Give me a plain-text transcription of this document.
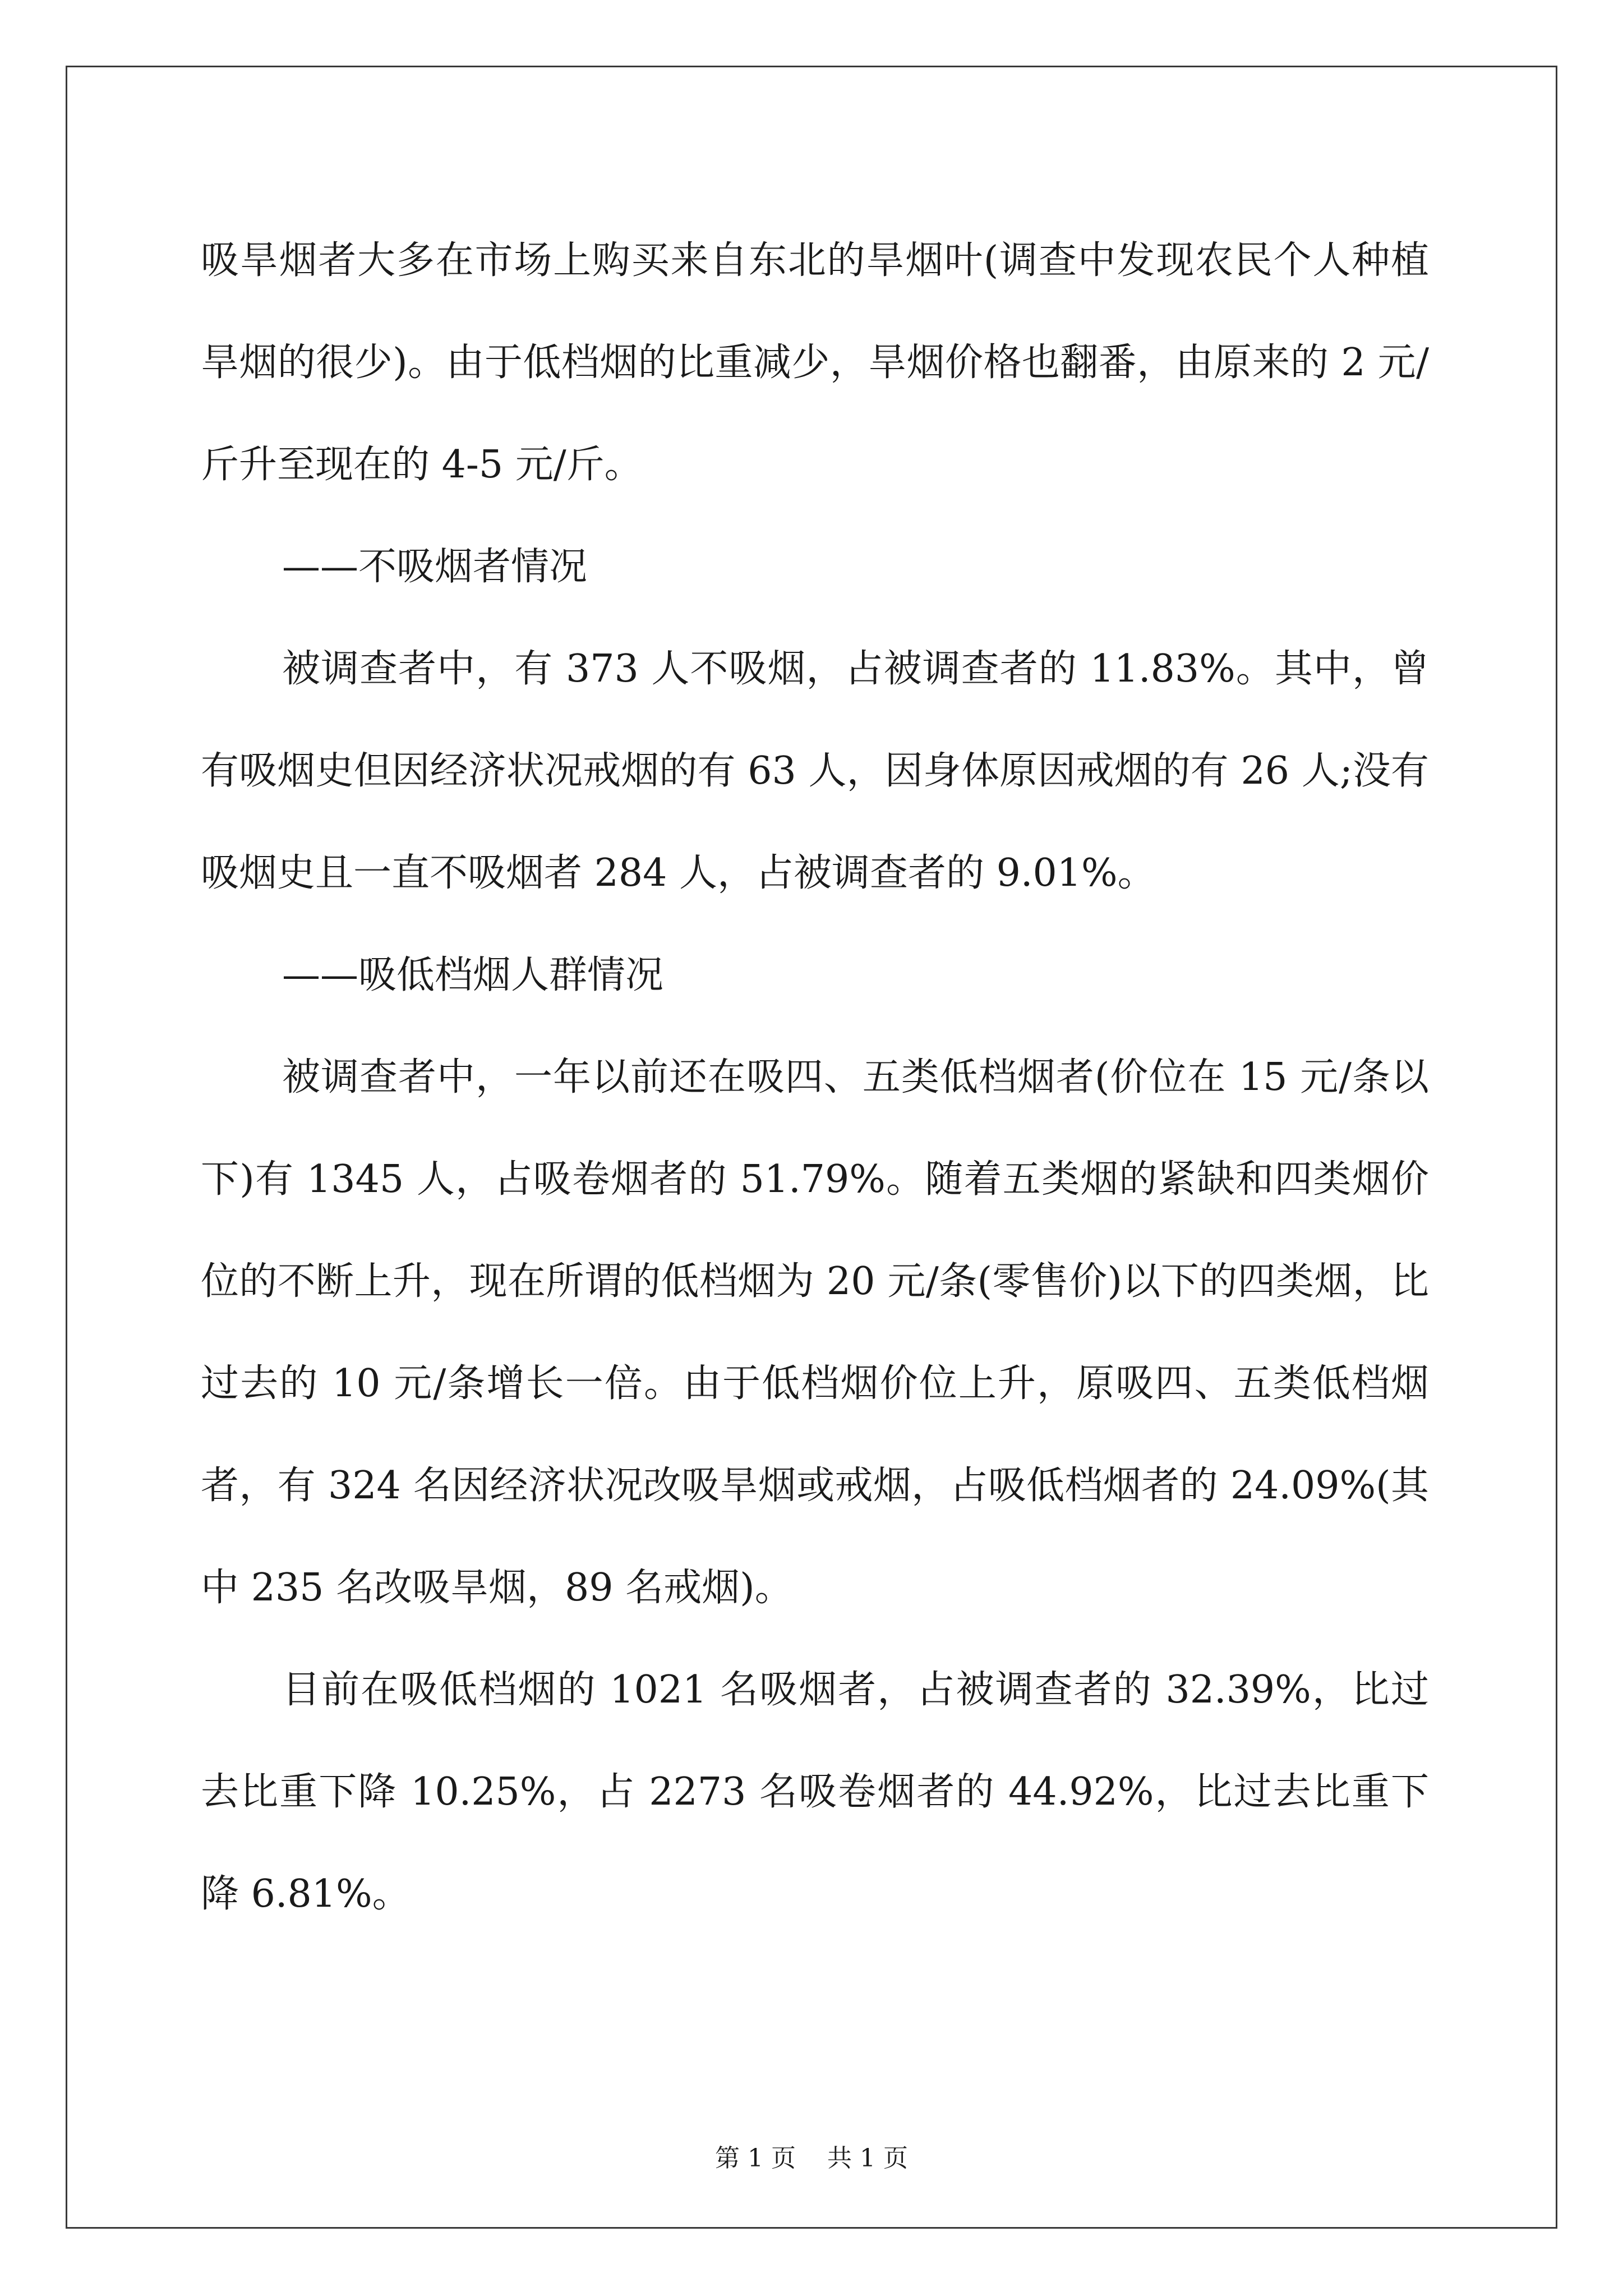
吸旱烟者大多在市场上购买来自东北的旱烟叶(调查中发现农民个人种植旱烟的很少)。由于低档烟的比重减少，旱烟价格也翻番，由原来的 2 元/斤升至现在的 4-5 元/斤。

——不吸烟者情况

被调查者中，有 373 人不吸烟，占被调查者的 11.83%。其中，曾有吸烟史但因经济状况戒烟的有 63 人，因身体原因戒烟的有 26 人;没有吸烟史且一直不吸烟者 284 人，占被调查者的 9.01%。

——吸低档烟人群情况

被调查者中，一年以前还在吸四、五类低档烟者(价位在 15 元/条以下)有 1345 人，占吸卷烟者的 51.79%。随着五类烟的紧缺和四类烟价位的不断上升，现在所谓的低档烟为 20 元/条(零售价)以下的四类烟，比过去的 10 元/条增长一倍。由于低档烟价位上升，原吸四、五类低档烟者，有 324 名因经济状况改吸旱烟或戒烟，占吸低档烟者的 24.09%(其中 235 名改吸旱烟，89 名戒烟)。

目前在吸低档烟的 1021 名吸烟者，占被调查者的 32.39%，比过去比重下降 10.25%，占 2273 名吸卷烟者的 44.92%，比过去比重下降 6.81%。

第 1 页 共 1 页
